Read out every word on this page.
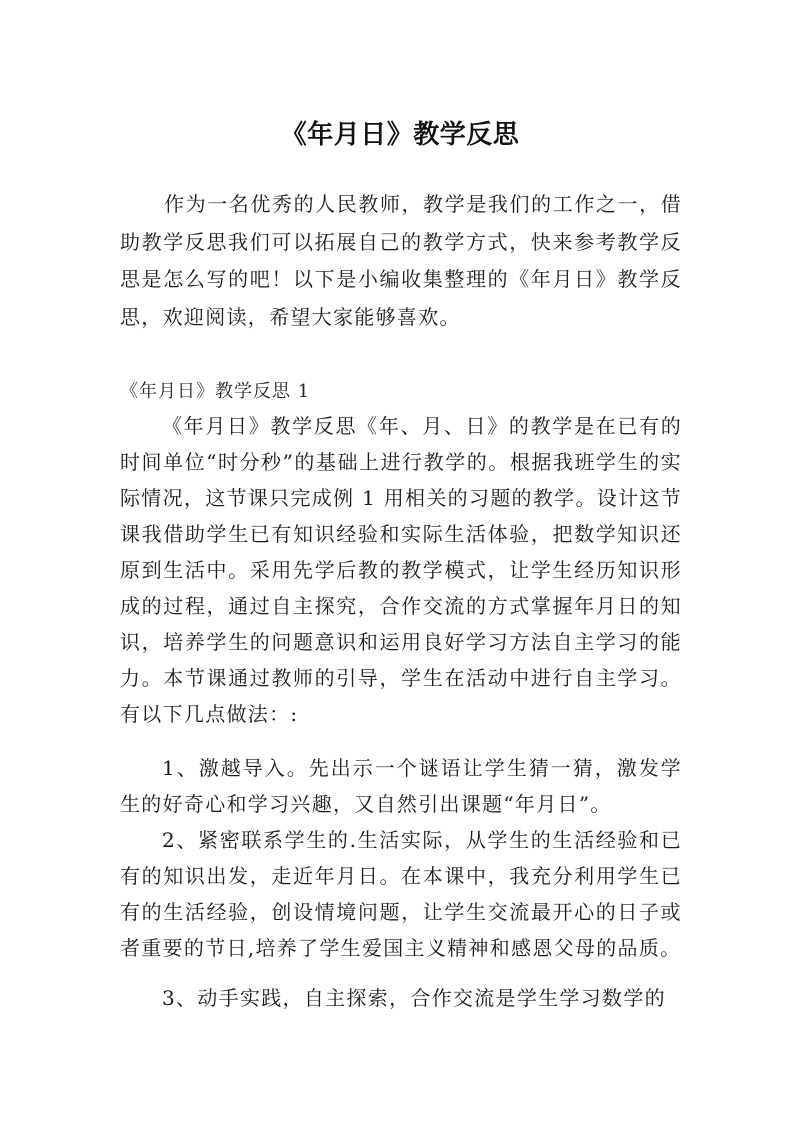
《年月日》教学反思

作为一名优秀的人民教师，教学是我们的工作之一，借助教学反思我们可以拓展自己的教学方式，快来参考教学反思是怎么写的吧！以下是小编收集整理的《年月日》教学反思，欢迎阅读，希望大家能够喜欢。

《年月日》教学反思 1

《年月日》教学反思《年、月、日》的教学是在已有的时间单位“时分秒”的基础上进行教学的。根据我班学生的实际情况，这节课只完成例 1 用相关的习题的教学。设计这节课我借助学生已有知识经验和实际生活体验，把数学知识还原到生活中。采用先学后教的教学模式，让学生经历知识形成的过程，通过自主探究，合作交流的方式掌握年月日的知识，培养学生的问题意识和运用良好学习方法自主学习的能力。本节课通过教师的引导，学生在活动中进行自主学习。有以下几点做法：:

1、激越导入。先出示一个谜语让学生猜一猜，激发学生的好奇心和学习兴趣，又自然引出课题“年月日”。

2、紧密联系学生的.生活实际，从学生的生活经验和已有的知识出发，走近年月日。在本课中，我充分利用学生已有的生活经验，创设情境问题，让学生交流最开心的日子或者重要的节日,培养了学生爱国主义精神和感恩父母的品质。

3、动手实践，自主探索，合作交流是学生学习数学的
